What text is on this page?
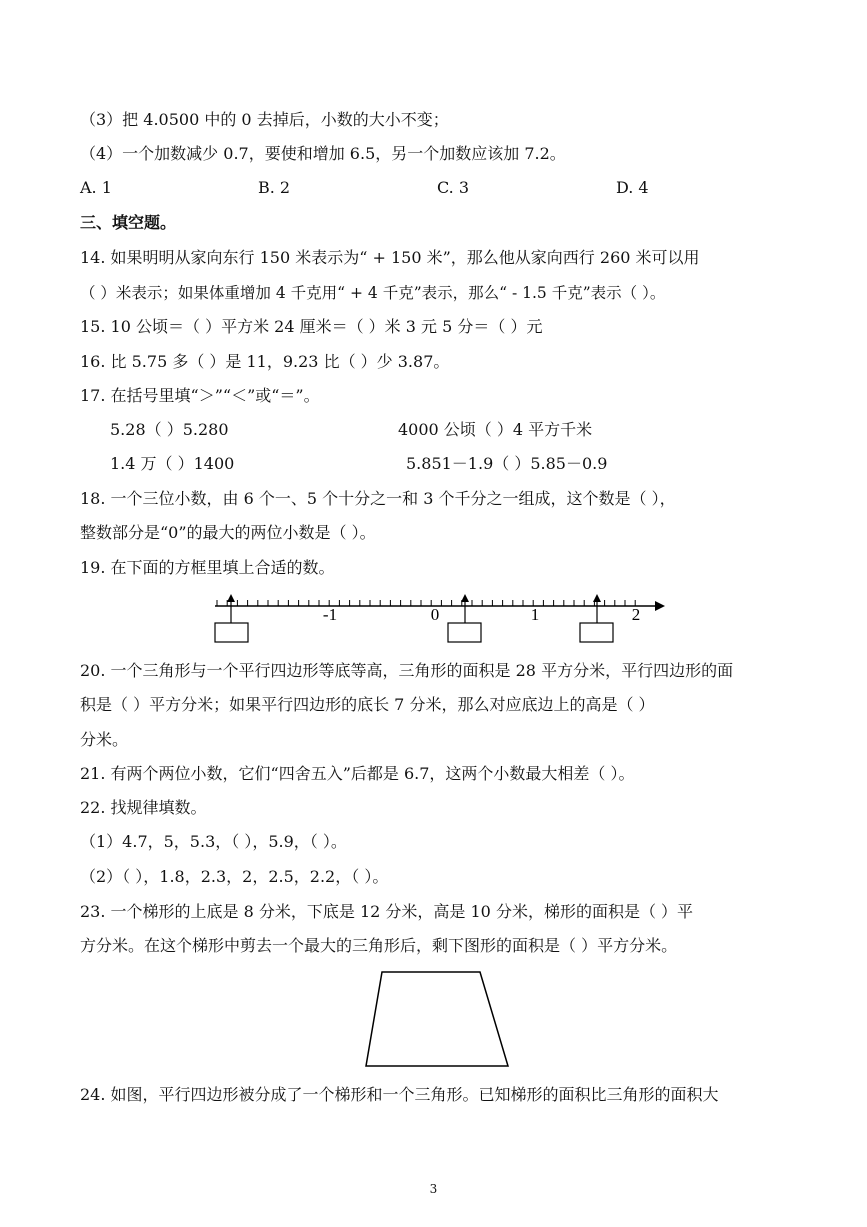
（3）把 4.0500 中的 0 去掉后，小数的大小不变；
（4）一个加数减少 0.7，要使和增加 6.5，另一个加数应该加 7.2。
A. 1	B. 2	C. 3	D. 4
三、填空题。
14. 如果明明从家向东行 150 米表示为“ + 150 米”，那么他从家向西行 260 米可以用
（ ）米表示；如果体重增加 4 千克用“ + 4 千克”表示，那么“ - 1.5 千克”表示（ ）。
15. 10 公顷＝（ ）平方米 24 厘米＝（ ）米 3 元 5 分＝（ ）元
16. 比 5.75 多（ ）是 11，9.23 比（ ）少 3.87。
17. 在括号里填“＞”“＜”或“＝”。
5.28（ ）5.280	4000 公顷（ ）4 平方千米
1.4 万（ ）1400	5.851－1.9（ ）5.85－0.9
18. 一个三位小数，由 6 个一、5 个十分之一和 3 个千分之一组成，这个数是（ ），
整数部分是“0”的最大的两位小数是（ ）。
19. 在下面的方框里填上合适的数。
-1	0	1	2
20. 一个三角形与一个平行四边形等底等高，三角形的面积是 28 平方分米，平行四边形的面
积是（ ）平方分米；如果平行四边形的底长 7 分米，那么对应底边上的高是（ ）
分米。
21. 有两个两位小数，它们“四舍五入”后都是 6.7，这两个小数最大相差（ ）。
22. 找规律填数。
（1）4.7，5，5.3，（ ），5.9，（ ）。
（2）（ ），1.8，2.3，2，2.5，2.2，（ ）。
23. 一个梯形的上底是 8 分米，下底是 12 分米，高是 10 分米，梯形的面积是（ ）平
方分米。在这个梯形中剪去一个最大的三角形后，剩下图形的面积是（ ）平方分米。
24. 如图，平行四边形被分成了一个梯形和一个三角形。已知梯形的面积比三角形的面积大
3
